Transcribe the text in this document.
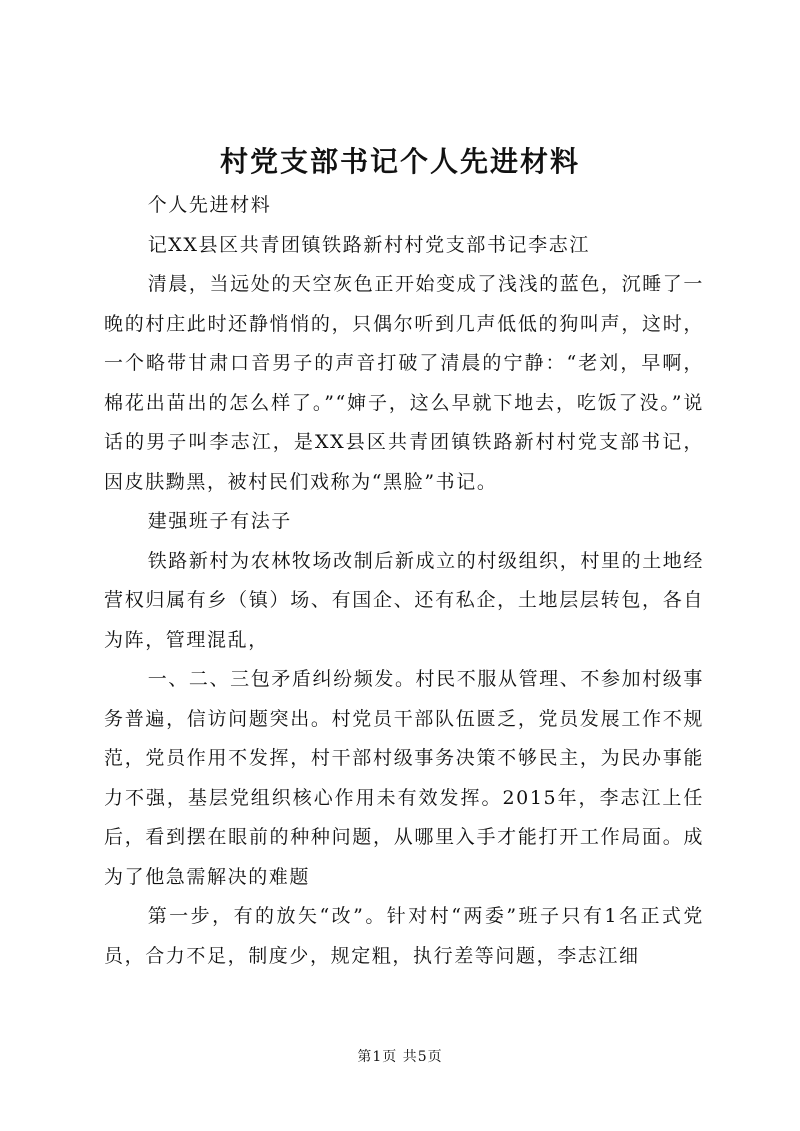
村党支部书记个人先进材料

个人先进材料

记XX县区共青团镇铁路新村村党支部书记李志江

清晨，当远处的天空灰色正开始变成了浅浅的蓝色，沉睡了一晚的村庄此时还静悄悄的，只偶尔听到几声低低的狗叫声，这时，一个略带甘肃口音男子的声音打破了清晨的宁静：“老刘，早啊，棉花出苗出的怎么样了。”“婶子，这么早就下地去，吃饭了没。”说话的男子叫李志江，是XX县区共青团镇铁路新村村党支部书记，因皮肤黝黑，被村民们戏称为“黑脸”书记。

建强班子有法子

铁路新村为农林牧场改制后新成立的村级组织，村里的土地经营权归属有乡（镇）场、有国企、还有私企，土地层层转包，各自为阵，管理混乱，

一、二、三包矛盾纠纷频发。村民不服从管理、不参加村级事务普遍，信访问题突出。村党员干部队伍匮乏，党员发展工作不规范，党员作用不发挥，村干部村级事务决策不够民主，为民办事能力不强，基层党组织核心作用未有效发挥。2015年，李志江上任后，看到摆在眼前的种种问题，从哪里入手才能打开工作局面。成为了他急需解决的难题

第一步，有的放矢“改”。针对村“两委”班子只有1名正式党员，合力不足，制度少，规定粗，执行差等问题，李志江细

第1页 共5页
